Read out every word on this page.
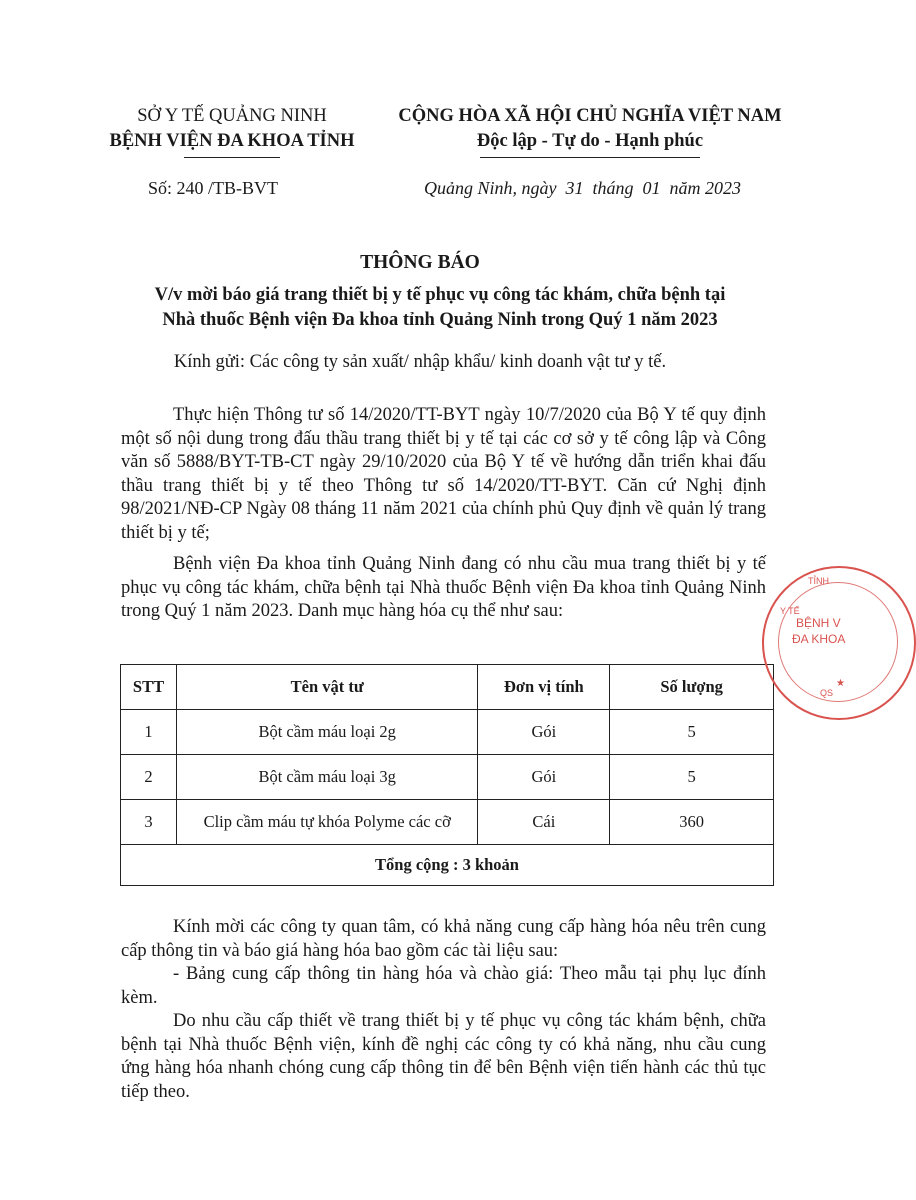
SỞ Y TẾ QUẢNG NINH
BỆNH VIỆN ĐA KHOA TỈNH
CỘNG HÒA XÃ HỘI CHỦ NGHĨA VIỆT NAM
Độc lập - Tự do - Hạnh phúc
Số: 240 /TB-BVT	Quảng Ninh, ngày  31  tháng  01  năm 2023
THÔNG BÁO
V/v mời báo giá trang thiết bị y tế phục vụ công tác khám, chữa bệnh tại
Nhà thuốc Bệnh viện Đa khoa tỉnh Quảng Ninh trong Quý 1 năm 2023
Kính gửi: Các công ty sản xuất/ nhập khẩu/ kinh doanh vật tư y tế.

Thực hiện Thông tư số 14/2020/TT-BYT ngày 10/7/2020 của Bộ Y tế quy định một số nội dung trong đấu thầu trang thiết bị y tế tại các cơ sở y tế công lập và Công văn số 5888/BYT-TB-CT ngày 29/10/2020 của Bộ Y tế về hướng dẫn triển khai đấu thầu trang thiết bị y tế theo Thông tư số 14/2020/TT-BYT. Căn cứ Nghị định 98/2021/NĐ-CP Ngày 08 tháng 11 năm 2021 của chính phủ Quy định về quản lý trang thiết bị y tế;

Bệnh viện Đa khoa tỉnh Quảng Ninh đang có nhu cầu mua trang thiết bị y tế phục vụ công tác khám, chữa bệnh tại Nhà thuốc Bệnh viện Đa khoa tỉnh Quảng Ninh trong Quý 1 năm 2023. Danh mục hàng hóa cụ thể như sau:

STT	Tên vật tư	Đơn vị tính	Số lượng
1	Bột cầm máu loại 2g	Gói	5
2	Bột cầm máu loại 3g	Gói	5
3	Clip cầm máu tự khóa Polyme các cỡ	Cái	360
Tổng cộng : 3 khoản			

Kính mời các công ty quan tâm, có khả năng cung cấp hàng hóa nêu trên cung cấp thông tin và báo giá hàng hóa bao gồm các tài liệu sau:

- Bảng cung cấp thông tin hàng hóa và chào giá: Theo mẫu tại phụ lục đính kèm.

Do nhu cầu cấp thiết về trang thiết bị y tế phục vụ công tác khám bệnh, chữa bệnh tại Nhà thuốc Bệnh viện, kính đề nghị các công ty có khả năng, nhu cầu cung ứng hàng hóa nhanh chóng cung cấp thông tin để bên Bệnh viện tiến hành các thủ tục tiếp theo.

TỈNH
Y TẾ
BỆNH V
ĐA KHOA
QS
★
